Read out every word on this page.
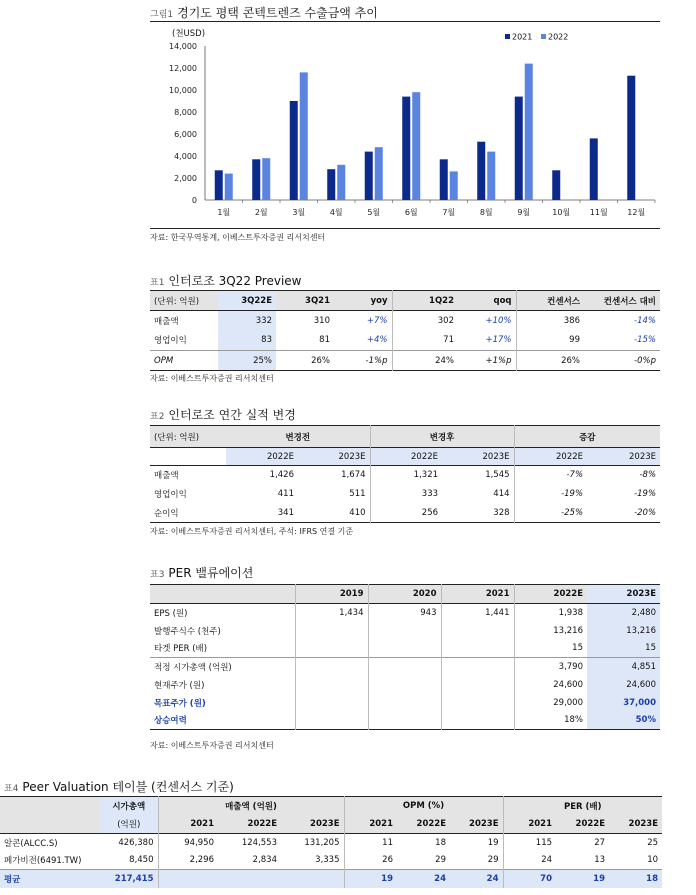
그림1 경기도 평택 콘텍트렌즈 수출금액 추이
(천USD)
0
2,000
4,000
6,000
8,000
10,000
12,000
14,000
1월	2월	3월	4월	5월	6월	7월	8월	9월	10월 11월 12월
2021 2022
자료: 한국무역통계, 이베스트투자증권 리서치센터
표1 인터로조 3Q22 Preview
(단위: 억원)	3Q22E	3Q21	yoy	1Q22	qoq	컨센서스	컨센서스 대비
매출액	332	310	+7%	302	+10%	386	-14%
영업이익	83	81	+4%	71	+17%	99	-15%
OPM	25%	26%	-1%p	24%	+1%p	26%	-0%p
자료: 이베스트투자증권 리서치센터
표2 인터로조 연간 실적 변경
(단위: 억원)	변경전		변경후		증감	
	2022E	2023E	2022E	2023E	2022E	2023E
매출액	1,426	1,674	1,321	1,545	-7%	-8%
영업이익	411	511	333	414	-19%	-19%
순이익	341	410	256	328	-25%	-20%
자료: 이베스트투자증권 리서치센터, 주석: IFRS 연결 기준
표3 PER 밸류에이션
	2019	2020	2021	2022E	2023E
EPS (원)	1,434	943	1,441	1,938	2,480
발행주식수 (천주)				13,216	13,216
타겟 PER (배)				15	15
적정 시가총액 (억원)				3,790	4,851
현재주가 (원)				24,600	24,600
목표주가 (원)				29,000	37,000
상승여력				18%	50%
자료: 이베스트투자증권 리서치센터
표4 Peer Valuation 테이블 (컨센서스 기준)
	시가총액	매출액 (억원)			OPM (%)			PER (배)		
	(억원)	2021	2022E	2023E	2021	2022E	2023E	2021	2022E	2023E
알콘(ALCC.S)	426,380	94,950	124,553	131,205	11	18	19	115	27	25
페가비전(6491.TW)	8,450	2,296	2,834	3,335	26	29	29	24	13	10
평균	217,415				19	24	24	70	19	18
